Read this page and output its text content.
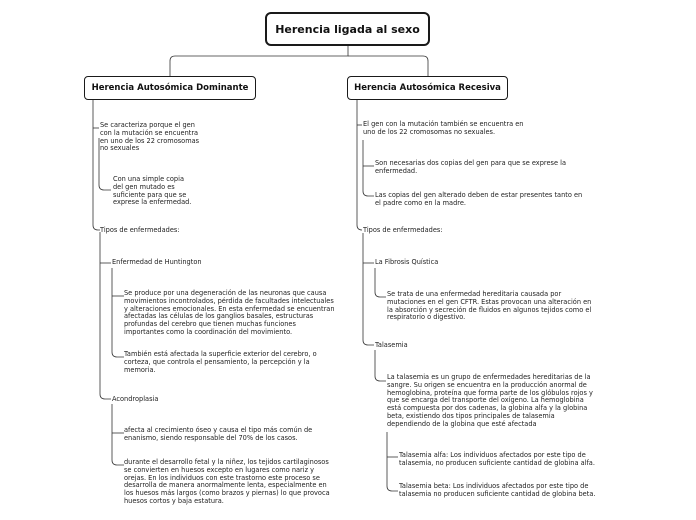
Herencia ligada al sexo
Herencia Autosómica Dominante	Herencia Autosómica Recesiva
Se caracteriza porque el gen
con la mutación se encuentra
en uno de los 22 cromosomas
no sexuales
Con una simple copia
del gen mutado es
suficiente para que se
exprese la enfermedad.
Tipos de enfermedades:
Enfermedad de Huntington
Se produce por una degeneración de las neuronas que causa
movimientos incontrolados, pérdida de facultades intelectuales
y alteraciones emocionales. En esta enfermedad se encuentran
afectadas las células de los ganglios basales, estructuras
profundas del cerebro que tienen muchas funciones
importantes como la coordinación del movimiento.
También está afectada la superficie exterior del cerebro, o
corteza, que controla el pensamiento, la percepción y la
memoria.
Acondroplasia
afecta al crecimiento óseo y causa el tipo más común de
enanismo, siendo responsable del 70% de los casos.
durante el desarrollo fetal y la niñez, los tejidos cartilaginosos
se convierten en huesos excepto en lugares como nariz y
orejas. En los individuos con este trastorno este proceso se
desarrolla de manera anormalmente lenta, especialmente en
los huesos más largos (como brazos y piernas) lo que provoca
huesos cortos y baja estatura.
El gen con la mutación también se encuentra en
uno de los 22 cromosomas no sexuales.
Son necesarias dos copias del gen para que se exprese la
enfermedad.
Las copias del gen alterado deben de estar presentes tanto en
el padre como en la madre.
Tipos de enfermedades:
La Fibrosis Quística
Se trata de una enfermedad hereditaria causada por
mutaciones en el gen CFTR. Estas provocan una alteración en
la absorción y secreción de fluidos en algunos tejidos como el
respiratorio o digestivo.
Talasemia
La talasemia es un grupo de enfermedades hereditarias de la
sangre. Su origen se encuentra en la producción anormal de
hemoglobina, proteína que forma parte de los glóbulos rojos y
que se encarga del transporte del oxígeno. La hemoglobina
está compuesta por dos cadenas, la globina alfa y la globina
beta, existiendo dos tipos principales de talasemia
dependiendo de la globina que esté afectada
Talasemia alfa: Los individuos afectados por este tipo de
talasemia, no producen suficiente cantidad de globina alfa.
Talasemia beta: Los individuos afectados por este tipo de
talasemia no producen suficiente cantidad de globina beta.
